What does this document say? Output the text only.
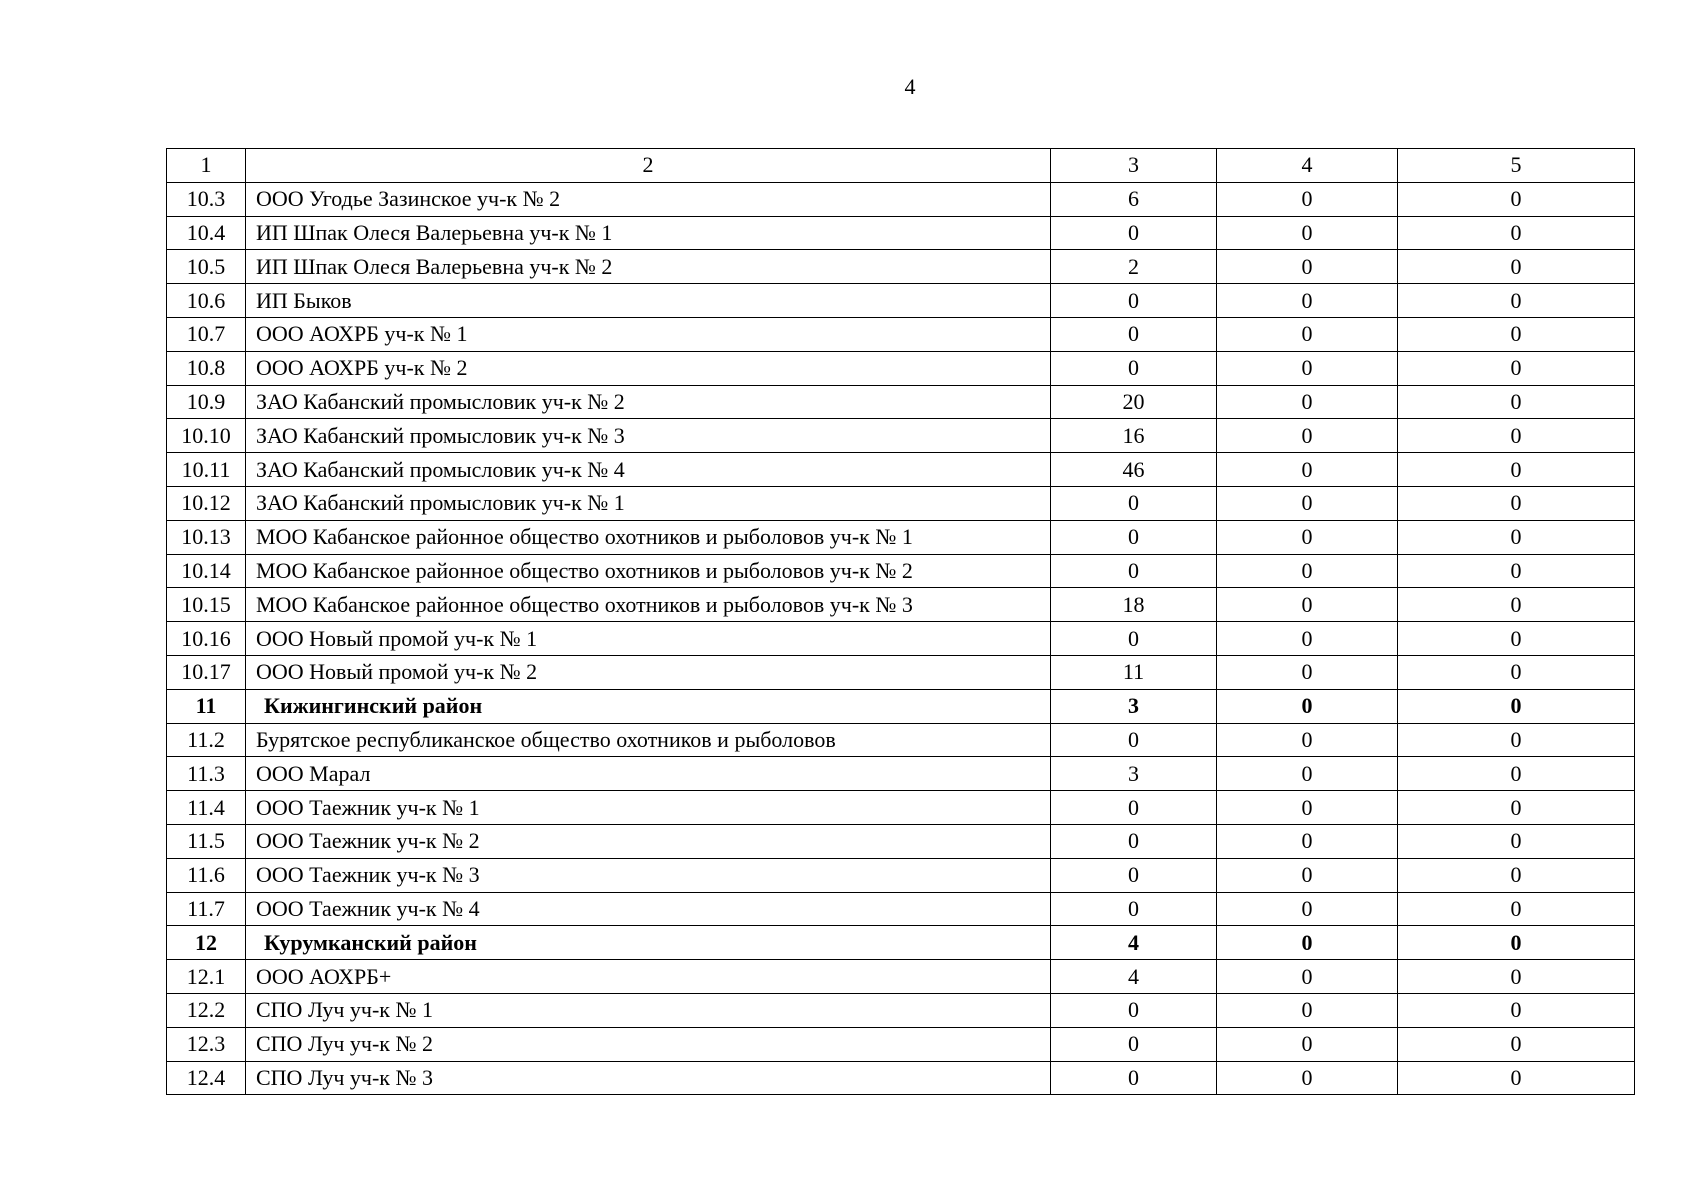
4
1	2	3	4	5
10.3	ООО Угодье Зазинское уч-к № 2	6	0	0
10.4	ИП Шпак Олеся Валерьевна уч-к № 1	0	0	0
10.5	ИП Шпак Олеся Валерьевна уч-к № 2	2	0	0
10.6	ИП Быков	0	0	0
10.7	ООО АОХРБ уч-к № 1	0	0	0
10.8	ООО АОХРБ уч-к № 2	0	0	0
10.9	ЗАО Кабанский промысловик уч-к № 2	20	0	0
10.10	ЗАО Кабанский промысловик уч-к № 3	16	0	0
10.11	ЗАО Кабанский промысловик уч-к № 4	46	0	0
10.12	ЗАО Кабанский промысловик уч-к № 1	0	0	0
10.13	МОО Кабанское районное общество охотников и рыболовов уч-к № 1	0	0	0
10.14	МОО Кабанское районное общество охотников и рыболовов уч-к № 2	0	0	0
10.15	МОО Кабанское районное общество охотников и рыболовов уч-к № 3	18	0	0
10.16	ООО Новый промой уч-к № 1	0	0	0
10.17	ООО Новый промой уч-к № 2	11	0	0
11	Кижингинский район	3	0	0
11.2	Бурятское республиканское общество охотников и рыболовов	0	0	0
11.3	ООО Марал	3	0	0
11.4	ООО Таежник уч-к № 1	0	0	0
11.5	ООО Таежник уч-к № 2	0	0	0
11.6	ООО Таежник уч-к № 3	0	0	0
11.7	ООО Таежник уч-к № 4	0	0	0
12	Курумканский район	4	0	0
12.1	ООО АОХРБ+	4	0	0
12.2	СПО Луч уч-к № 1	0	0	0
12.3	СПО Луч уч-к № 2	0	0	0
12.4	СПО Луч уч-к № 3	0	0	0
